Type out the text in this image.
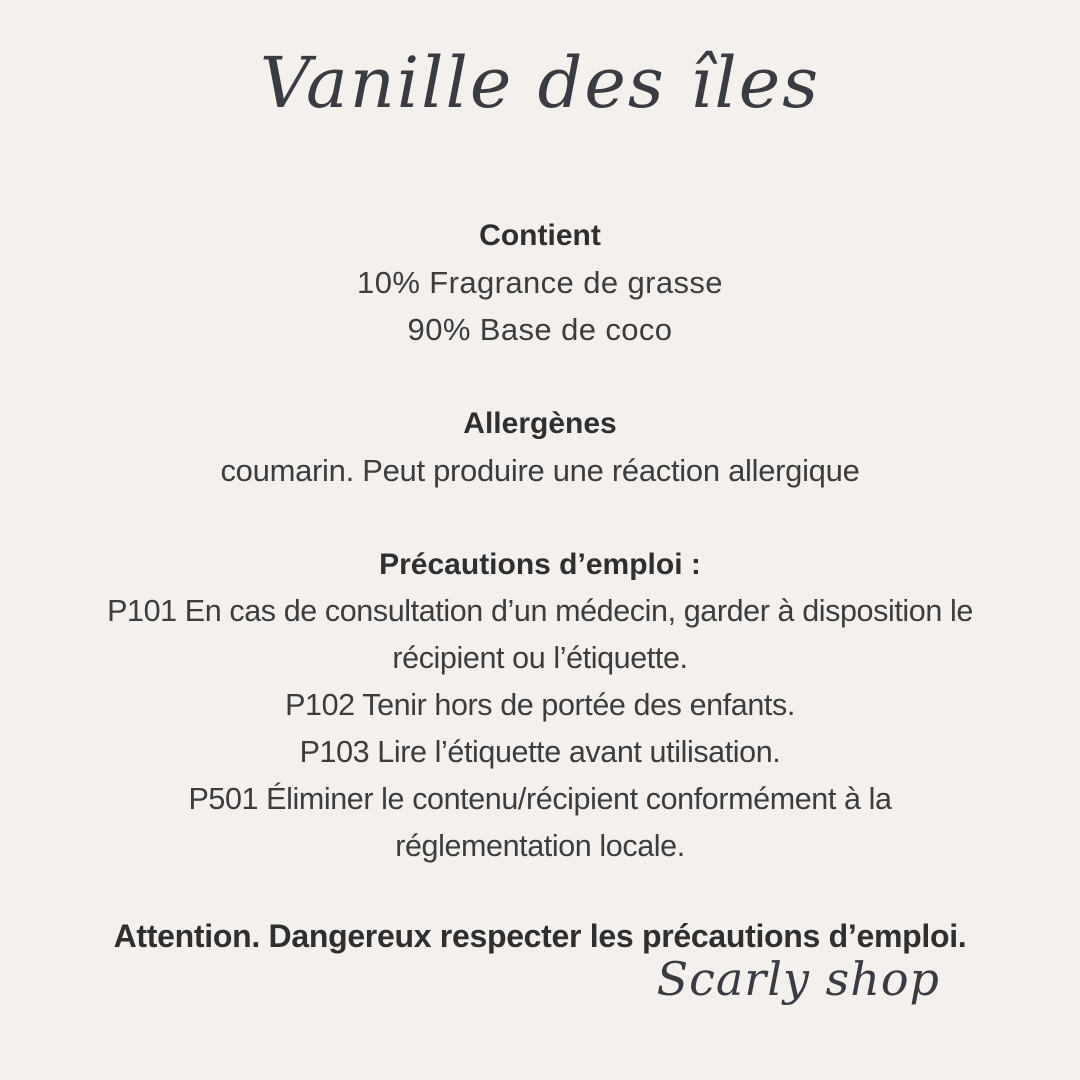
Vanille des îles
Contient

10% Fragrance de grasse

90% Base de coco

Allergènes

coumarin. Peut produire une réaction allergique

Précautions d’emploi :

P101 En cas de consultation d’un médecin, garder à disposition le

récipient ou l’étiquette.

P102 Tenir hors de portée des enfants.

P103 Lire l’étiquette avant utilisation.

P501 Éliminer le contenu/récipient conformément à la

réglementation locale.

Attention. Dangereux respecter les précautions d’emploi.

Scarly shop
